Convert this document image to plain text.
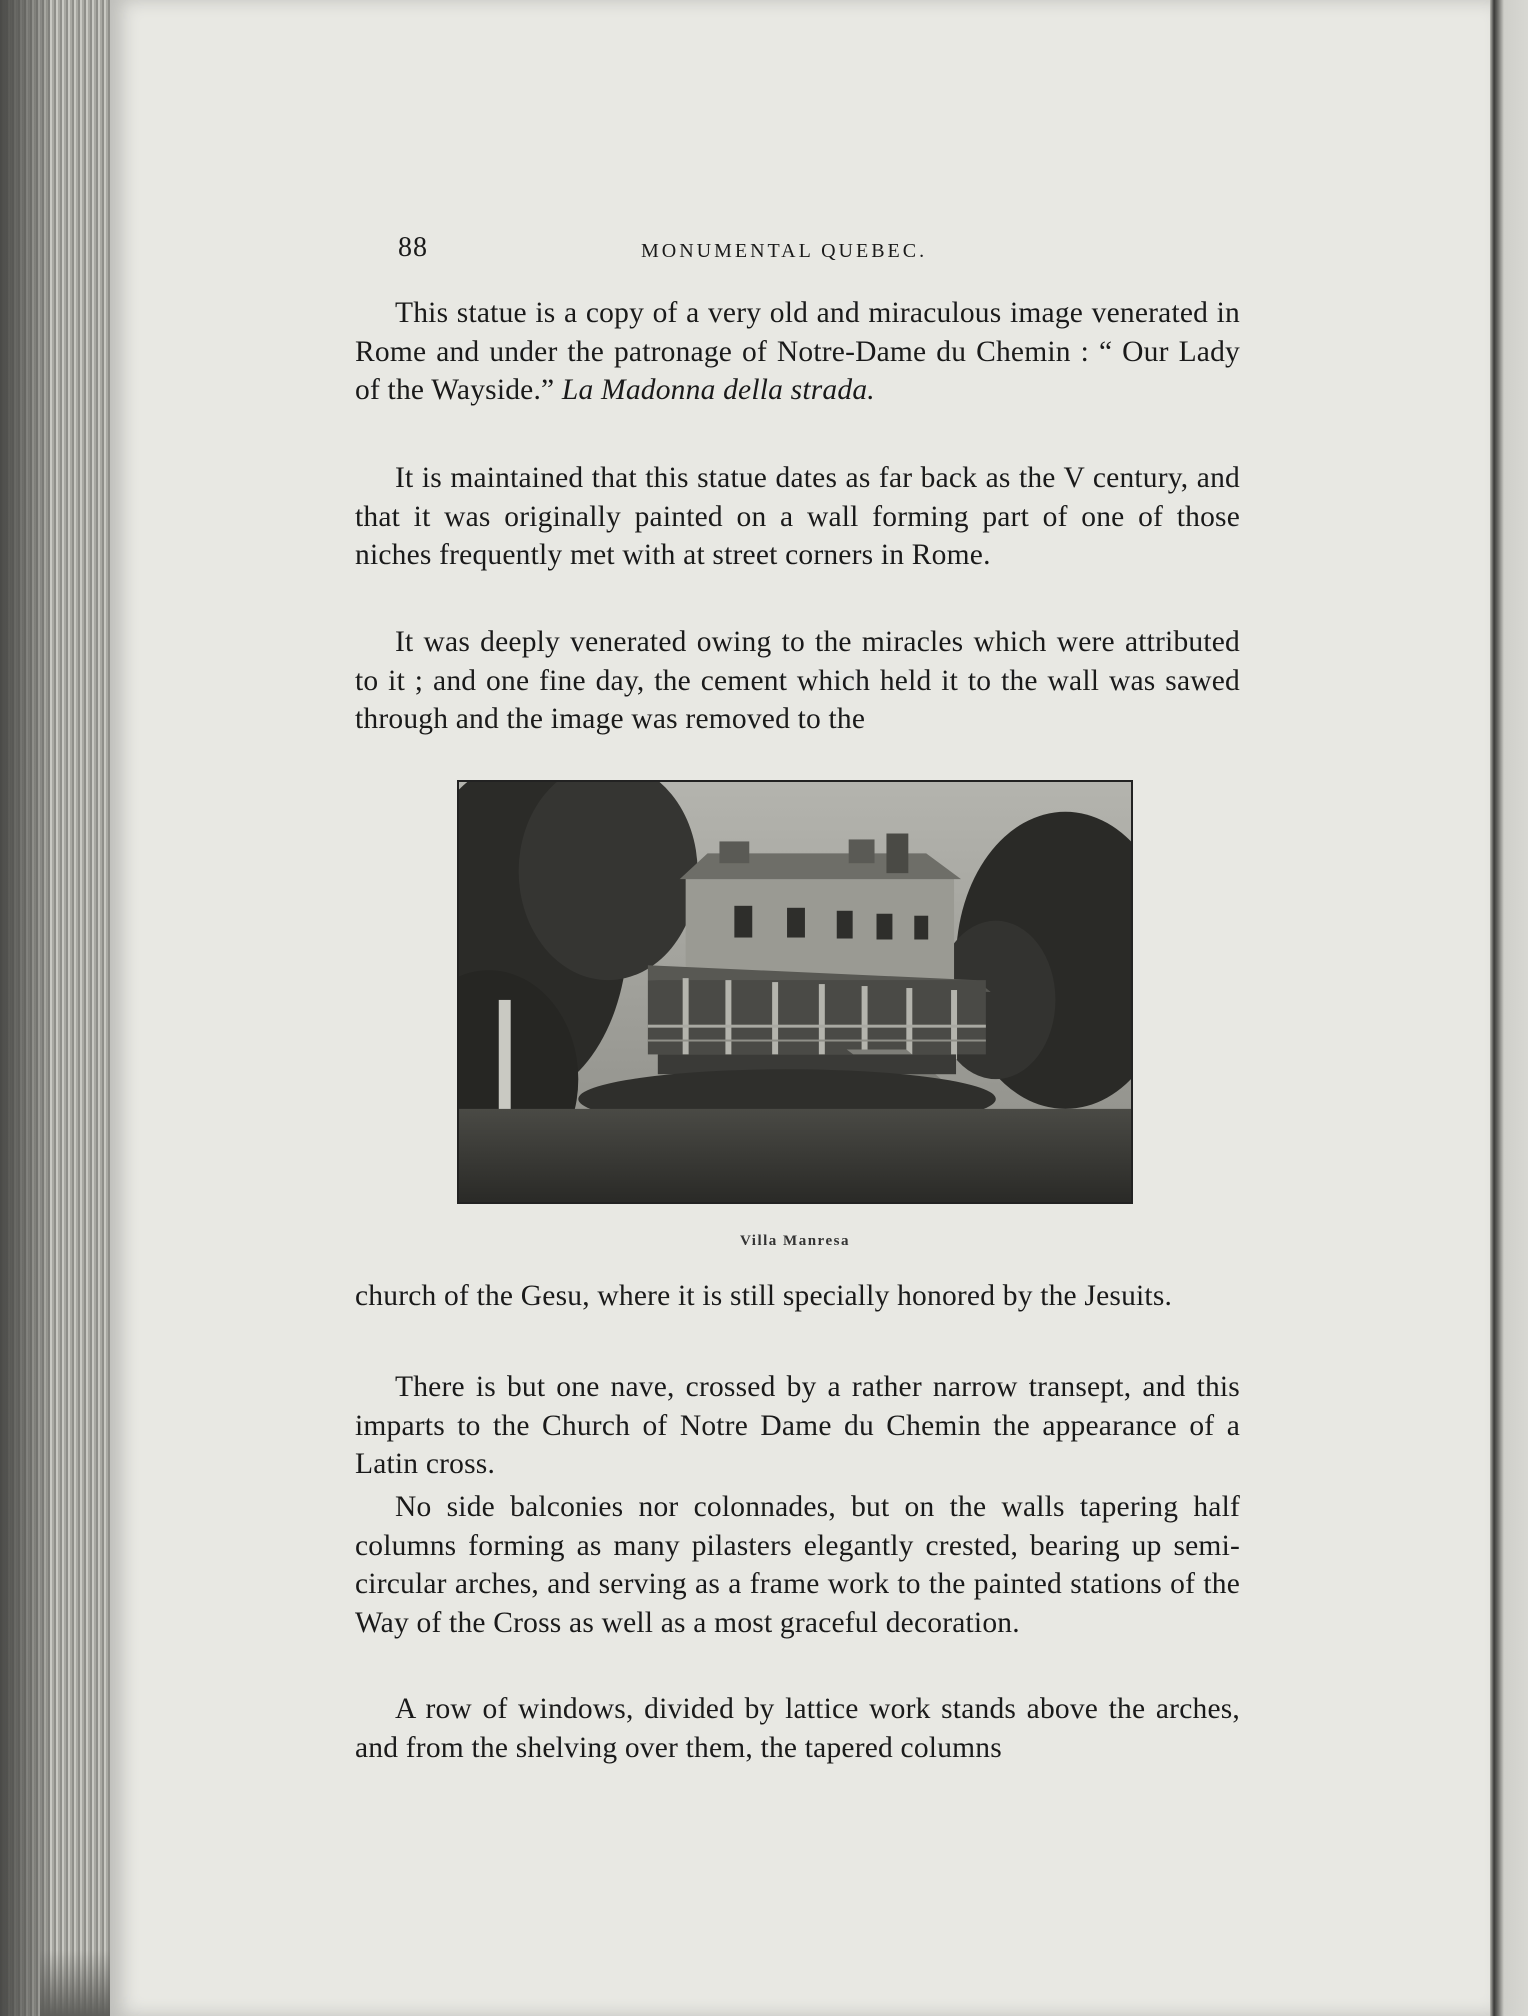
88	MONUMENTAL QUEBEC.

This statue is a copy of a very old and miraculous image venerated in Rome and under the patronage of Notre-Dame du Chemin : “ Our Lady of the Wayside.” La Madonna della strada.

It is maintained that this statue dates as far back as the V century, and that it was originally painted on a wall forming part of one of those niches frequently met with at street corners in Rome.

It was deeply venerated owing to the miracles which were attributed to it ; and one fine day, the cement which held it to the wall was sawed through and the image was removed to the

Villa Manresa

church of the Gesu, where it is still specially honored by the Jesuits.

There is but one nave, crossed by a rather narrow transept, and this imparts to the Church of Notre Dame du Chemin the appearance of a Latin cross.

No side balconies nor colonnades, but on the walls tapering half columns forming as many pilasters elegantly crested, bearing up semi-circular arches, and serving as a frame work to the painted stations of the Way of the Cross as well as a most graceful decoration.

A row of windows, divided by lattice work stands above the arches, and from the shelving over them, the tapered columns
